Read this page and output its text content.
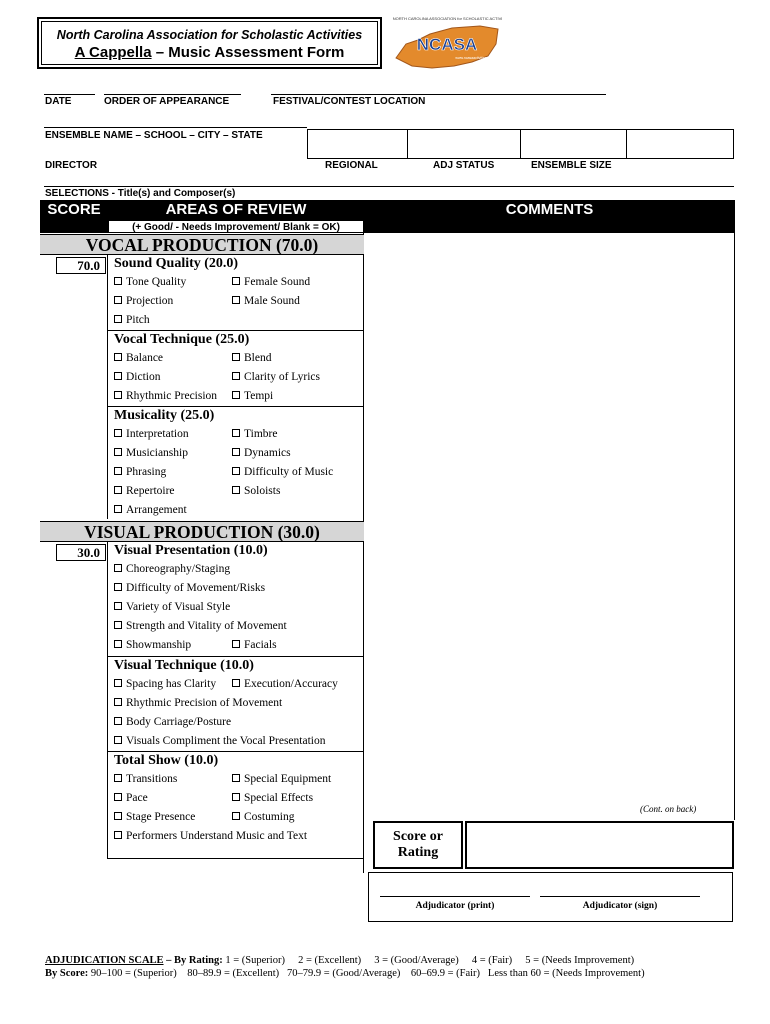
North Carolina Association for Scholastic Activities
A Cappella – Music Assessment Form	NCASA
NORTH CAROLINA ASSOCIATION for SCHOLASTIC ACTIVITIES
www.ncasaactivities.org
DATE	ORDER OF APPEARANCE	FESTIVAL/CONTEST LOCATION
ENSEMBLE NAME – SCHOOL – CITY – STATE
DIRECTOR	REGIONAL	ADJ STATUS	ENSEMBLE SIZE
SELECTIONS - Title(s) and Composer(s)
SCORE	AREAS OF REVIEW
(+ Good/ - Needs Improvement/ Blank = OK)
COMMENTS
(Cont. on back)
VOCAL PRODUCTION (70.0)
70.0	Sound Quality (20.0)
Tone Quality	Female Sound
Projection	Male Sound
Pitch
Vocal Technique (25.0)
Balance	Blend
Diction	Clarity of Lyrics
Rhythmic Precision	Tempi
Musicality (25.0)
Interpretation	Timbre
Musicianship	Dynamics
Phrasing	Difficulty of Music
Repertoire	Soloists
Arrangement
VISUAL PRODUCTION (30.0)
30.0	Visual Presentation (10.0)
Choreography/Staging
Difficulty of Movement/Risks
Variety of Visual Style
Strength and Vitality of Movement
Showmanship	Facials
Visual Technique (10.0)
Spacing has Clarity	Execution/Accuracy
Rhythmic Precision of Movement
Body Carriage/Posture
Visuals Compliment the Vocal Presentation
Total Show (10.0)
Transitions	Special Equipment
Pace	Special Effects
Stage Presence	Costuming
Performers Understand Music and Text	Score or
Rating
Adjudicator (print)	Adjudicator (sign)
ADJUDICATION SCALE – By Rating: 1 = (Superior)     2 = (Excellent)     3 = (Good/Average)     4 = (Fair)     5 = (Needs Improvement)
By Score: 90–100 = (Superior)    80–89.9 = (Excellent)   70–79.9 = (Good/Average)    60–69.9 = (Fair)   Less than 60 = (Needs Improvement)
